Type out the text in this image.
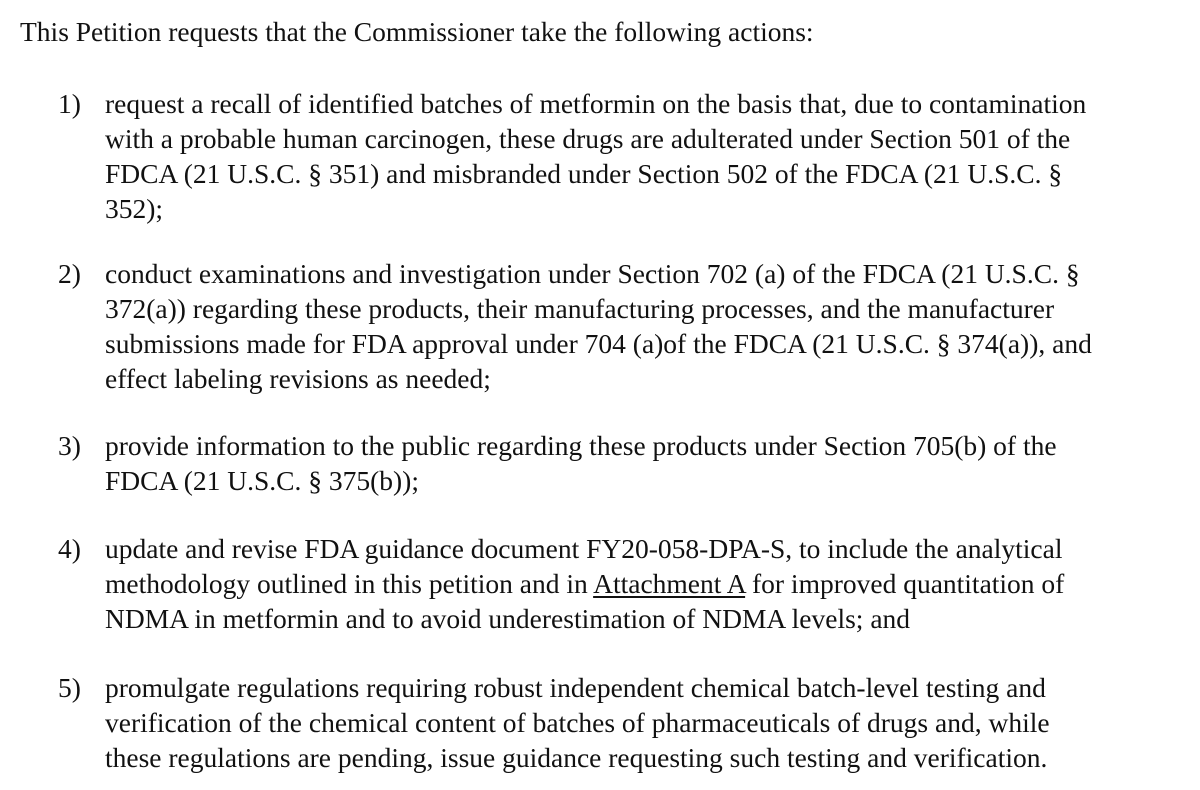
This Petition requests that the Commissioner take the following actions:
1) request a recall of identified batches of metformin on the basis that, due to contamination
with a probable human carcinogen, these drugs are adulterated under Section 501 of the
FDCA (21 U.S.C. § 351) and misbranded under Section 502 of the FDCA (21 U.S.C. §
352);
2) conduct examinations and investigation under Section 702 (a) of the FDCA (21 U.S.C. §
372(a)) regarding these products, their manufacturing processes, and the manufacturer
submissions made for FDA approval under 704 (a)of the FDCA (21 U.S.C. § 374(a)), and
effect labeling revisions as needed;
3) provide information to the public regarding these products under Section 705(b) of the
FDCA (21 U.S.C. § 375(b));
4) update and revise FDA guidance document FY20-058-DPA-S, to include the analytical
methodology outlined in this petition and in Attachment A for improved quantitation of
NDMA in metformin and to avoid underestimation of NDMA levels; and
5) promulgate regulations requiring robust independent chemical batch-level testing and
verification of the chemical content of batches of pharmaceuticals of drugs and, while
these regulations are pending, issue guidance requesting such testing and verification.
